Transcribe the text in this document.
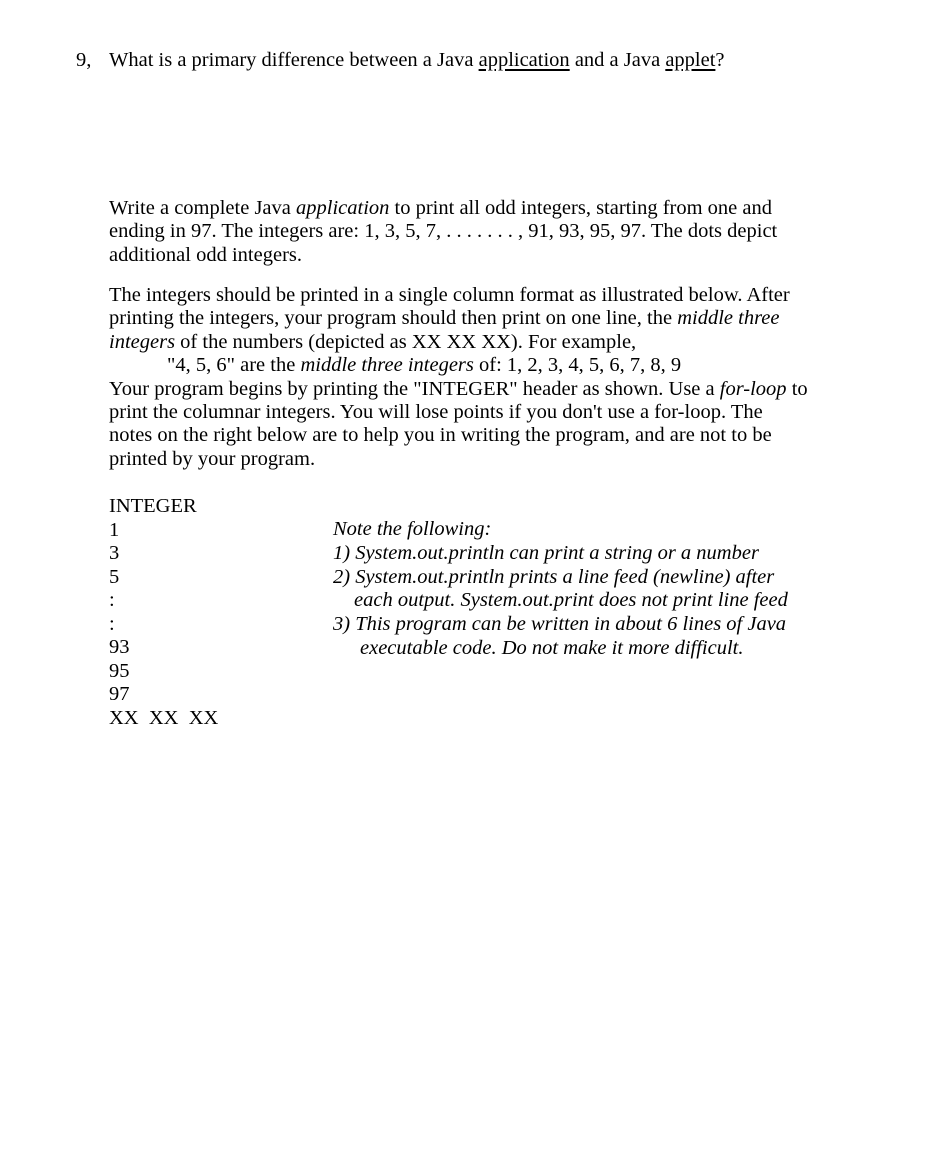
9, What is a primary difference between a Java application and a Java applet?
Write a complete Java application to print all odd integers, starting from one and
ending in 97. The integers are: 1, 3, 5, 7, . . . . . . . , 91, 93, 95, 97. The dots depict
additional odd integers.
The integers should be printed in a single column format as illustrated below. After
printing the integers, your program should then print on one line, the middle three
integers of the numbers (depicted as XX XX XX). For example,
"4, 5, 6" are the middle three integers of: 1, 2, 3, 4, 5, 6, 7, 8, 9
Your program begins by printing the "INTEGER" header as shown. Use a for-loop to
print the columnar integers. You will lose points if you don't use a for-loop. The
notes on the right below are to help you in writing the program, and are not to be
printed by your program.
INTEGER
1
3
5
:
:
93
95
97
XX  XX  XX
Note the following:
1) System.out.println can print a string or a number
2) System.out.println prints a line feed (newline) after
each output. System.out.print does not print line feed
3) This program can be written in about 6 lines of Java
executable code. Do not make it more difficult.
